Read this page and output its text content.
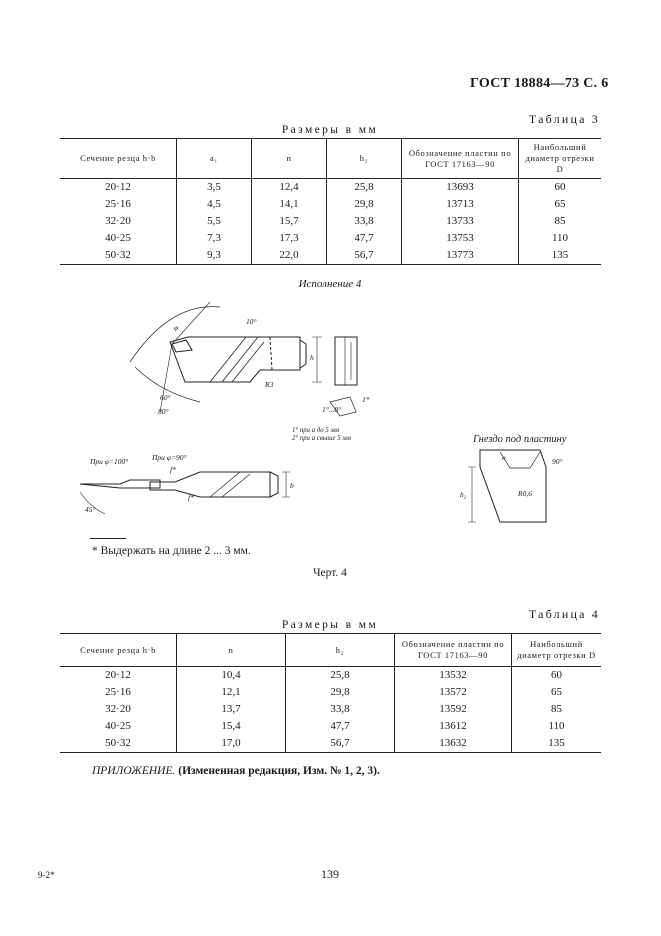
ГОСТ 18884—73 С. 6
Таблица 3
Размеры в мм
Сечение резца h·b	a₁	n	h₂	Обозначение пластин по ГОСТ 17163—90	Наибольший диаметр отрезки D
20·12	3,5	12,4	25,8	13693	60
25·16	4,5	14,1	29,8	13713	65
32·20	5,5	15,7	33,8	13733	85
40·25	7,3	17,3	47,7	13753	110
50·32	9,3	22,0	56,7	13773	135
Исполнение 4
φ
10°
80°
60°
R3
h
1*
1°...8°
При φ=100°	При φ=90°
f*
f*
45°
b
n	90°
R0,6
h₂
1° при а до 5 мм
2° при а свыше 5 мм	Гнездо под пластину
* Выдержать на длине 2 ... 3 мм.
Черт. 4
Таблица 4
Размеры в мм
Сечение резца h·b	n	h₂	Обозначение пластин по ГОСТ 17163—90	Наибольший диаметр отрезки D
20·12	10,4	25,8	13532	60
25·16	12,1	29,8	13572	65
32·20	13,7	33,8	13592	85
40·25	15,4	47,7	13612	110
50·32	17,0	56,7	13632	135
ПРИЛОЖЕНИЕ. (Измененная редакция, Изм. № 1, 2, 3).
9-2*	139
